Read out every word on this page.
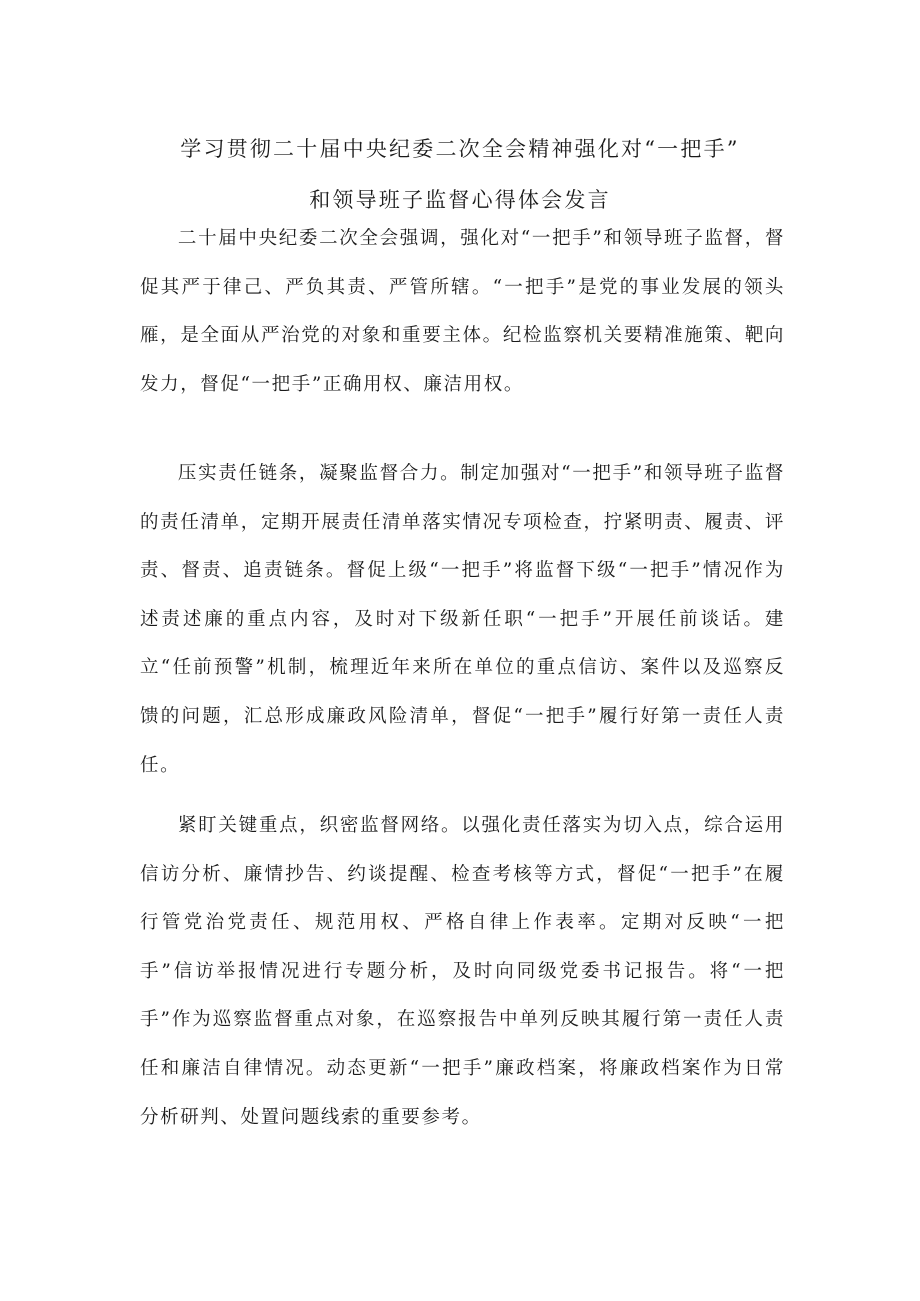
学习贯彻二十届中央纪委二次全会精神强化对“一把手”
和领导班子监督心得体会发言

二十届中央纪委二次全会强调，强化对“一把手”和领导班子监督，督促其严于律己、严负其责、严管所辖。“一把手”是党的事业发展的领头雁，是全面从严治党的对象和重要主体。纪检监察机关要精准施策、靶向发力，督促“一把手”正确用权、廉洁用权。

压实责任链条，凝聚监督合力。制定加强对“一把手”和领导班子监督的责任清单，定期开展责任清单落实情况专项检查，拧紧明责、履责、评责、督责、追责链条。督促上级“一把手”将监督下级“一把手”情况作为述责述廉的重点内容，及时对下级新任职“一把手”开展任前谈话。建立“任前预警”机制，梳理近年来所在单位的重点信访、案件以及巡察反馈的问题，汇总形成廉政风险清单，督促“一把手”履行好第一责任人责任。

紧盯关键重点，织密监督网络。以强化责任落实为切入点，综合运用信访分析、廉情抄告、约谈提醒、检查考核等方式，督促“一把手”在履行管党治党责任、规范用权、严格自律上作表率。定期对反映“一把手”信访举报情况进行专题分析，及时向同级党委书记报告。将“一把手”作为巡察监督重点对象，在巡察报告中单列反映其履行第一责任人责任和廉洁自律情况。动态更新“一把手”廉政档案，将廉政档案作为日常分析研判、处置问题线索的重要参考。
